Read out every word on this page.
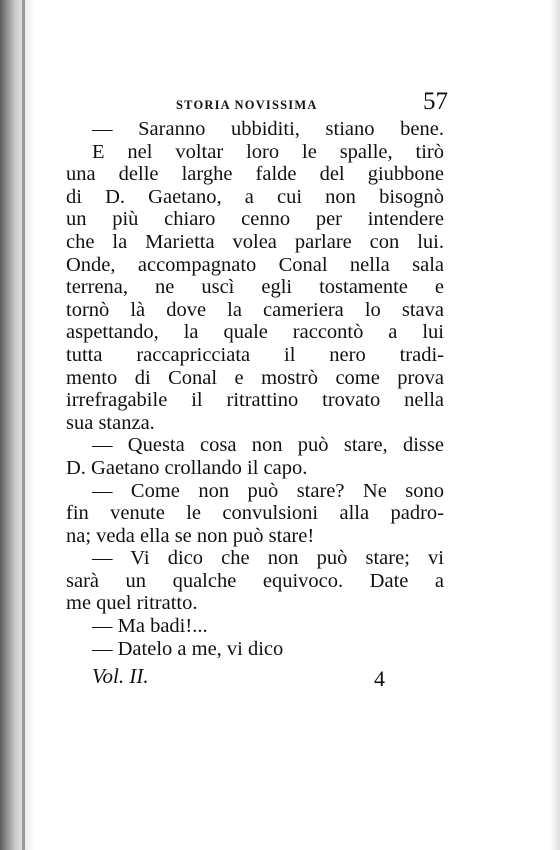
STORIA NOVISSIMA	57
— Saranno ubbiditi, stiano bene.
E nel voltar loro le spalle, tirò
una delle larghe falde del giubbone
di D. Gaetano, a cui non bisognò
un più chiaro cenno per intendere
che la Marietta volea parlare con lui.
Onde, accompagnato Conal nella sala
terrena, ne uscì egli tostamente e
tornò là dove la cameriera lo stava
aspettando, la quale raccontò a lui
tutta raccapricciata il nero tradi-
mento di Conal e mostrò come prova
irrefragabile il ritrattino trovato nella
sua stanza.
— Questa cosa non può stare, disse
D. Gaetano crollando il capo.
— Come non può stare? Ne sono
fin venute le convulsioni alla padro-
na; veda ella se non può stare!
— Vi dico che non può stare; vi
sarà un qualche equivoco. Date a
me quel ritratto.
— Ma badi!...
— Datelo a me, vi dico
Vol. II.	4
